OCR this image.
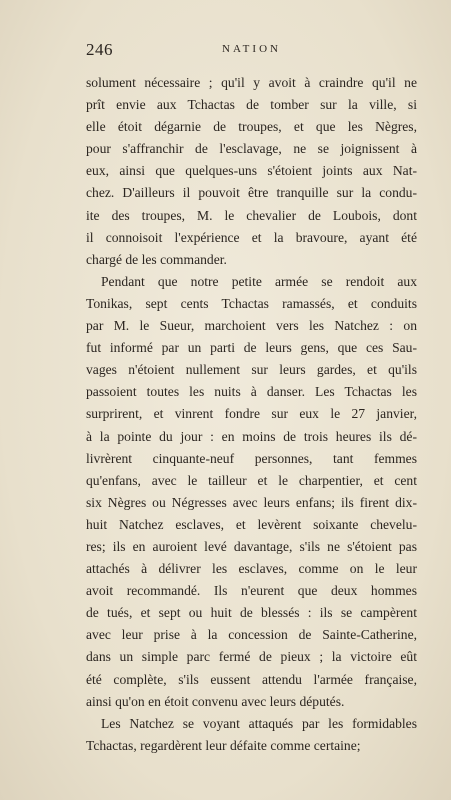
246	NATION
solument nécessaire ; qu'il y avoit à craindre qu'il ne
prît envie aux Tchactas de tomber sur la ville, si
elle étoit dégarnie de troupes, et que les Nègres,
pour s'affranchir de l'esclavage, ne se joignissent à
eux, ainsi que quelques-uns s'étoient joints aux Nat-
chez. D'ailleurs il pouvoit être tranquille sur la condu-
ite des troupes, M. le chevalier de Loubois, dont
il connoisoit l'expérience et la bravoure, ayant été
chargé de les commander.
Pendant que notre petite armée se rendoit aux
Tonikas, sept cents Tchactas ramassés, et conduits
par M. le Sueur, marchoient vers les Natchez : on
fut informé par un parti de leurs gens, que ces Sau-
vages n'étoient nullement sur leurs gardes, et qu'ils
passoient toutes les nuits à danser. Les Tchactas les
surprirent, et vinrent fondre sur eux le 27 janvier,
à la pointe du jour : en moins de trois heures ils dé-
livrèrent cinquante-neuf personnes, tant femmes
qu'enfans, avec le tailleur et le charpentier, et cent
six Nègres ou Négresses avec leurs enfans; ils firent dix-
huit Natchez esclaves, et levèrent soixante chevelu-
res; ils en auroient levé davantage, s'ils ne s'étoient pas
attachés à délivrer les esclaves, comme on le leur
avoit recommandé. Ils n'eurent que deux hommes
de tués, et sept ou huit de blessés : ils se campèrent
avec leur prise à la concession de Sainte-Catherine,
dans un simple parc fermé de pieux ; la victoire eût
été complète, s'ils eussent attendu l'armée française,
ainsi qu'on en étoit convenu avec leurs députés.
Les Natchez se voyant attaqués par les formidables
Tchactas, regardèrent leur défaite comme certaine;
